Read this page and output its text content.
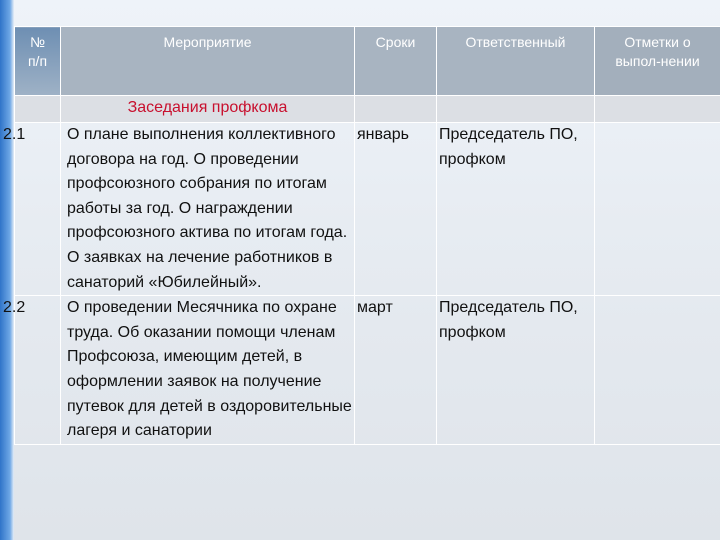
№ п/п	Мероприятие	Сроки	Ответственный	Отметки о выпол-нении

	Заседания профкома			

2.1	О плане выполнения коллективного договора на год. О проведении профсоюзного собрания по итогам работы за год. О награждении профсоюзного актива по итогам года. О заявках на лечение работников в санаторий «Юбилейный».	январь	Председатель ПО, профком	

2.2	О проведении Месячника по охране труда. Об оказании помощи членам Профсоюза, имеющим детей, в оформлении заявок на получение путевок для детей в оздоровительные лагеря и санатории	март	Председатель ПО, профком	
